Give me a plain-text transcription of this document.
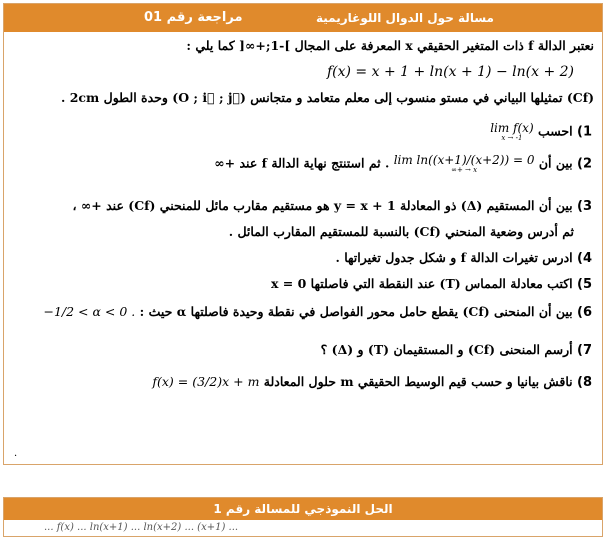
مراجعة رقم 01	مسالة حول الدوال اللوغاريمية
نعتبر الدالة f ذات المتغير الحقيقي x المعرفة على المجال ]-1;+∞[ كما يلي :
f(x) = x + 1 + ln(x + 1) − ln(x + 2)
(Cf) تمثيلها البياني في مستو منسوب إلى معلم متعامد و متجانس (O ; i⃗ ; j⃗) وحدة الطول 2cm .
1) احسب
lim f(x)
x → -1
2) بين أن
lim ln((x+1)/(x+2)) = 0
x → +∞
. ثم استنتج نهاية الدالة f عند +∞
3) بين أن المستقيم (Δ) ذو المعادلة y = x + 1 هو مستقيم مقارب مائل للمنحني (Cf) عند +∞ ،
ثم أدرس وضعية المنحني (Cf) بالنسبة للمستقيم المقارب المائل .
4) ادرس تغيرات الدالة f و شكل جدول تغيراتها .
5) اكتب معادلة المماس (T) عند النقطة التي فاصلتها x = 0
6) بين أن المنحنى (Cf) يقطع حامل محور الفواصل في نقطة وحيدة فاصلتها α حيث : −1/2 < α < 0 .
7) أرسم المنحنى (Cf) و المستقيمان (T) و (Δ) ؟
8) ناقش بيانيا و حسب قيم الوسيط الحقيقي m حلول المعادلة f(x) = (3/2)x + m
·
الحل النموذجي للمسالة رقم 1
... f(x) ... ln(x+1) ... ln(x+2) ... (x+1) ...
